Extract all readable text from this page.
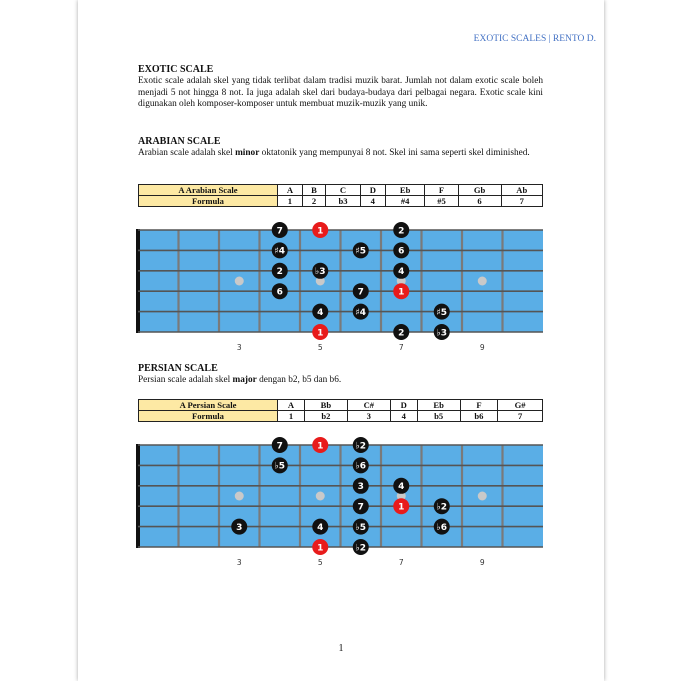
EXOTIC SCALES | RENTO D.

EXOTIC SCALE

Exotic scale adalah skel yang tidak terlibat dalam tradisi muzik barat. Jumlah not dalam exotic scale boleh menjadi 5 not hingga 8 not. Ia juga adalah skel dari budaya-budaya dari pelbagai negara. Exotic scale kini digunakan oleh komposer-komposer untuk membuat muzik-muzik yang unik.

ARABIAN SCALE

Arabian scale adalah skel minor oktatonik yang mempunyai 8 not. Skel ini sama seperti skel diminished.

A Arabian Scale	A	B	C	D	Eb	F	Gb	Ab
Formula	1	2	b3	4	#4	#5	6	7
3	5	7	9
7	1	2
♯4	♯5	6
2	♭3	4
6	7	1
4	♯4	♯5
1	2	♭3

PERSIAN SCALE

Persian scale adalah skel major dengan b2, b5 dan b6.

A Persian Scale	A	Bb	C#	D	Eb	F	G#
Formula	1	b2	3	4	b5	b6	7
3	5	7	9
7	1	♭2
♭5	♭6
3	4
7	1	♭2
3	4	♭5	♭6
1	♭2
1
